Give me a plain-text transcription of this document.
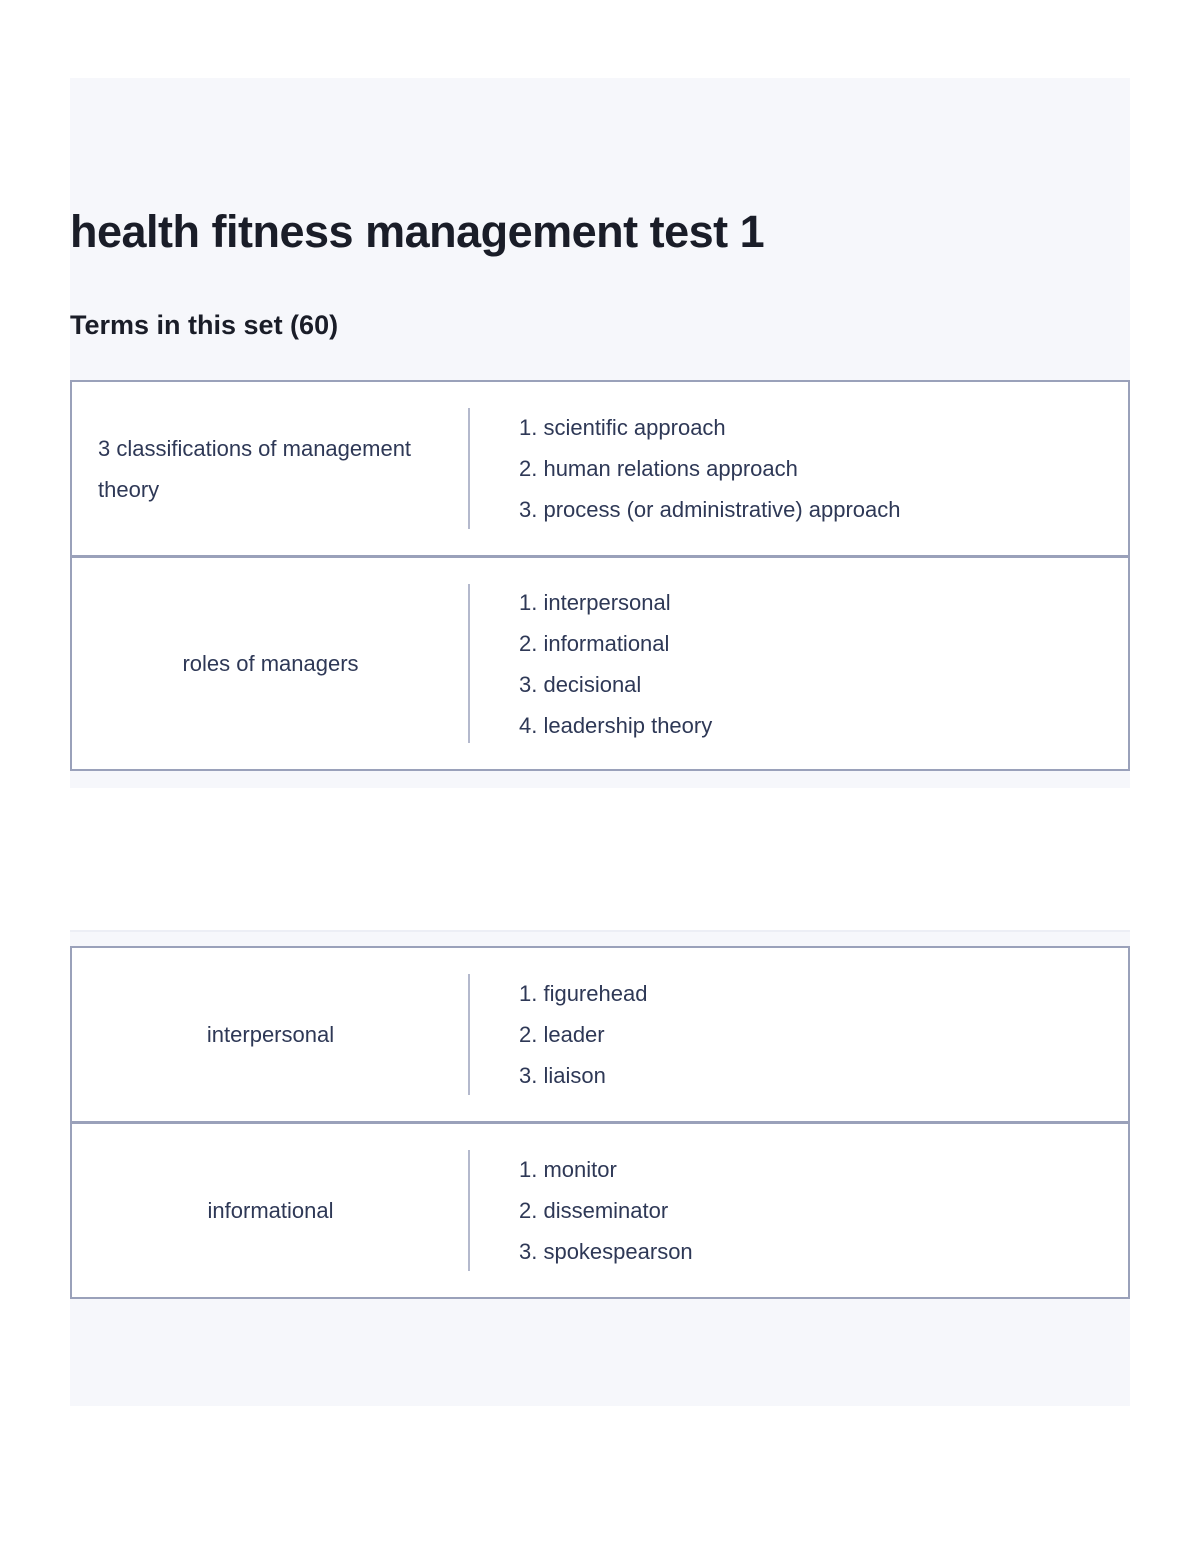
health fitness management test 1
Terms in this set (60)
3 classifications of management theory
1. scientific approach
2. human relations approach
3. process (or administrative) approach
roles of managers
1. interpersonal
2. informational
3. decisional
4. leadership theory
interpersonal
1. figurehead
2. leader
3. liaison
informational
1. monitor
2. disseminator
3. spokespearson
